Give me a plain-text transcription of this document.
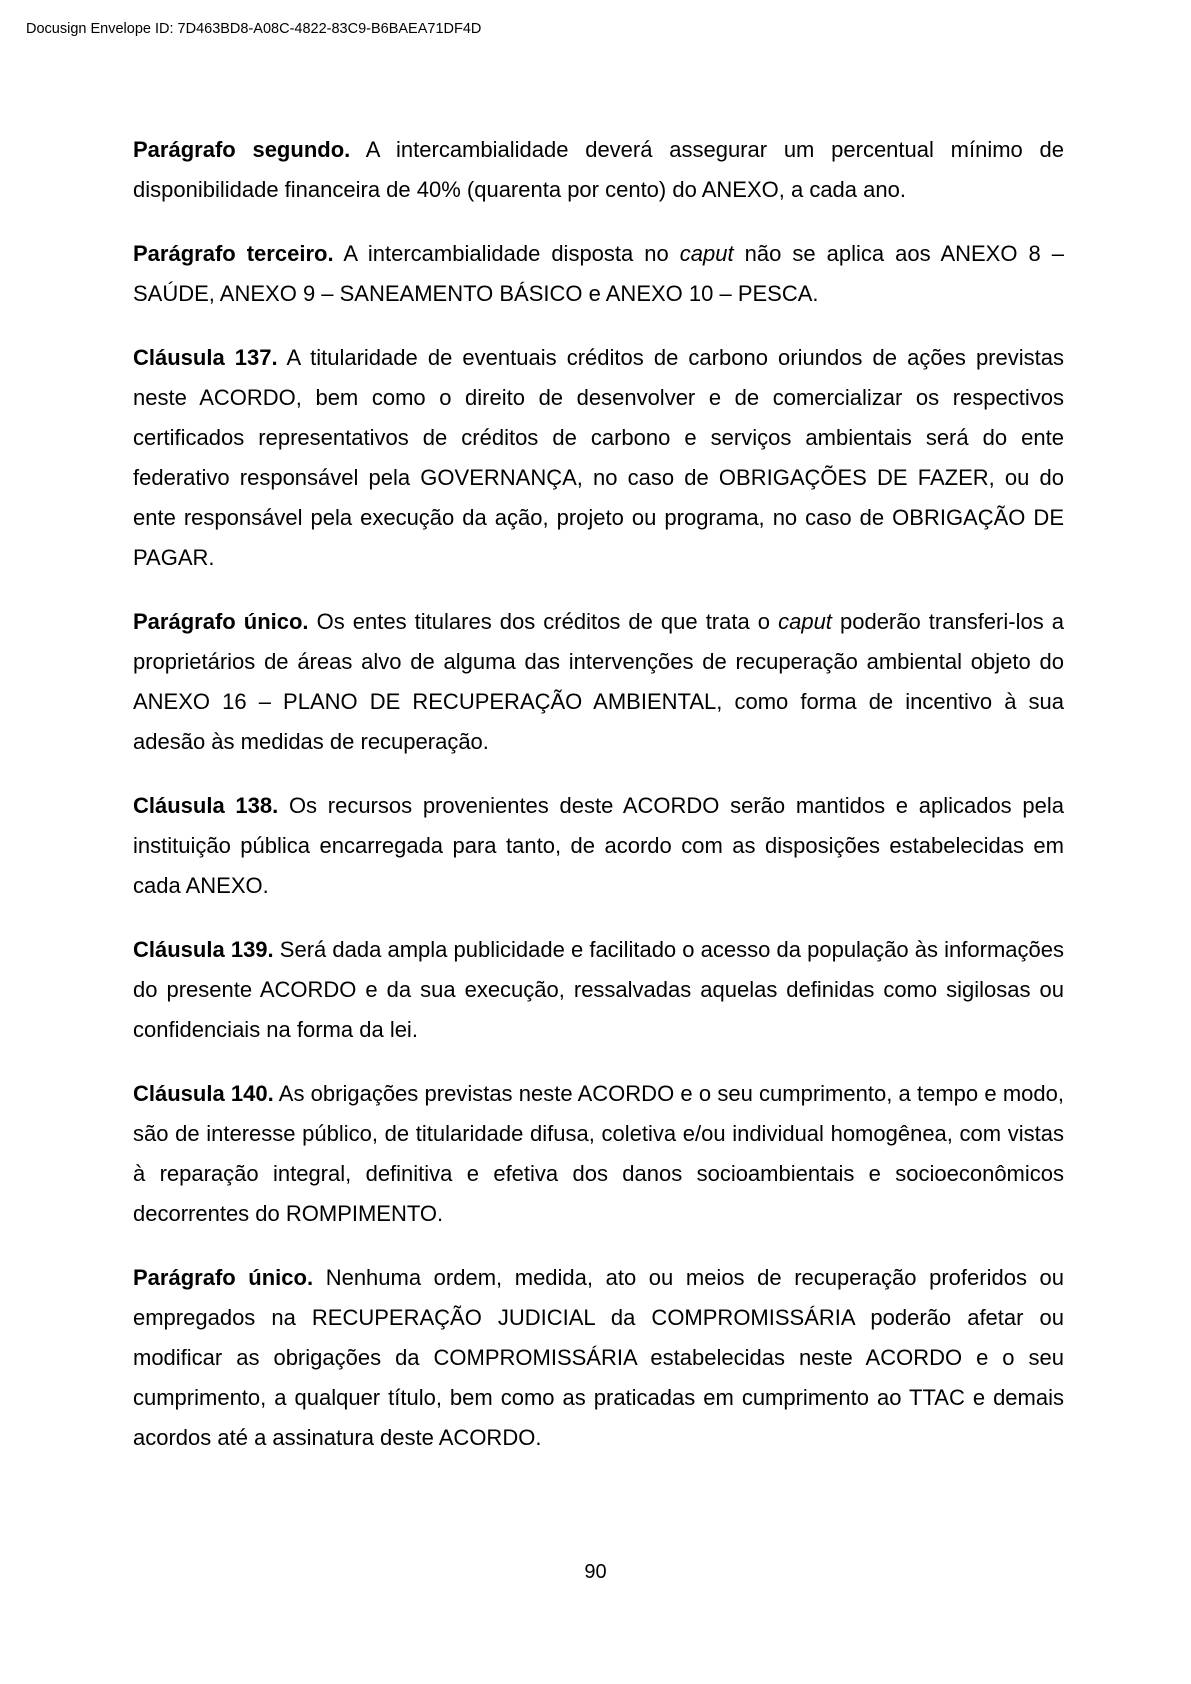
Docusign Envelope ID: 7D463BD8-A08C-4822-83C9-B6BAEA71DF4D

Parágrafo segundo. A intercambialidade deverá assegurar um percentual mínimo de disponibilidade financeira de 40% (quarenta por cento) do ANEXO, a cada ano.

Parágrafo terceiro. A intercambialidade disposta no caput não se aplica aos ANEXO 8 – SAÚDE, ANEXO 9 – SANEAMENTO BÁSICO e ANEXO 10 – PESCA.

Cláusula 137. A titularidade de eventuais créditos de carbono oriundos de ações previstas neste ACORDO, bem como o direito de desenvolver e de comercializar os respectivos certificados representativos de créditos de carbono e serviços ambientais será do ente federativo responsável pela GOVERNANÇA, no caso de OBRIGAÇÕES DE FAZER, ou do ente responsável pela execução da ação, projeto ou programa, no caso de OBRIGAÇÃO DE PAGAR.

Parágrafo único. Os entes titulares dos créditos de que trata o caput poderão transferi-los a proprietários de áreas alvo de alguma das intervenções de recuperação ambiental objeto do ANEXO 16 – PLANO DE RECUPERAÇÃO AMBIENTAL, como forma de incentivo à sua adesão às medidas de recuperação.

Cláusula 138. Os recursos provenientes deste ACORDO serão mantidos e aplicados pela instituição pública encarregada para tanto, de acordo com as disposições estabelecidas em cada ANEXO.

Cláusula 139. Será dada ampla publicidade e facilitado o acesso da população às informações do presente ACORDO e da sua execução, ressalvadas aquelas definidas como sigilosas ou confidenciais na forma da lei.

Cláusula 140. As obrigações previstas neste ACORDO e o seu cumprimento, a tempo e modo, são de interesse público, de titularidade difusa, coletiva e/ou individual homogênea, com vistas à reparação integral, definitiva e efetiva dos danos socioambientais e socioeconômicos decorrentes do ROMPIMENTO.

Parágrafo único. Nenhuma ordem, medida, ato ou meios de recuperação proferidos ou empregados na RECUPERAÇÃO JUDICIAL da COMPROMISSÁRIA poderão afetar ou modificar as obrigações da COMPROMISSÁRIA estabelecidas neste ACORDO e o seu cumprimento, a qualquer título, bem como as praticadas em cumprimento ao TTAC e demais acordos até a assinatura deste ACORDO.

90
